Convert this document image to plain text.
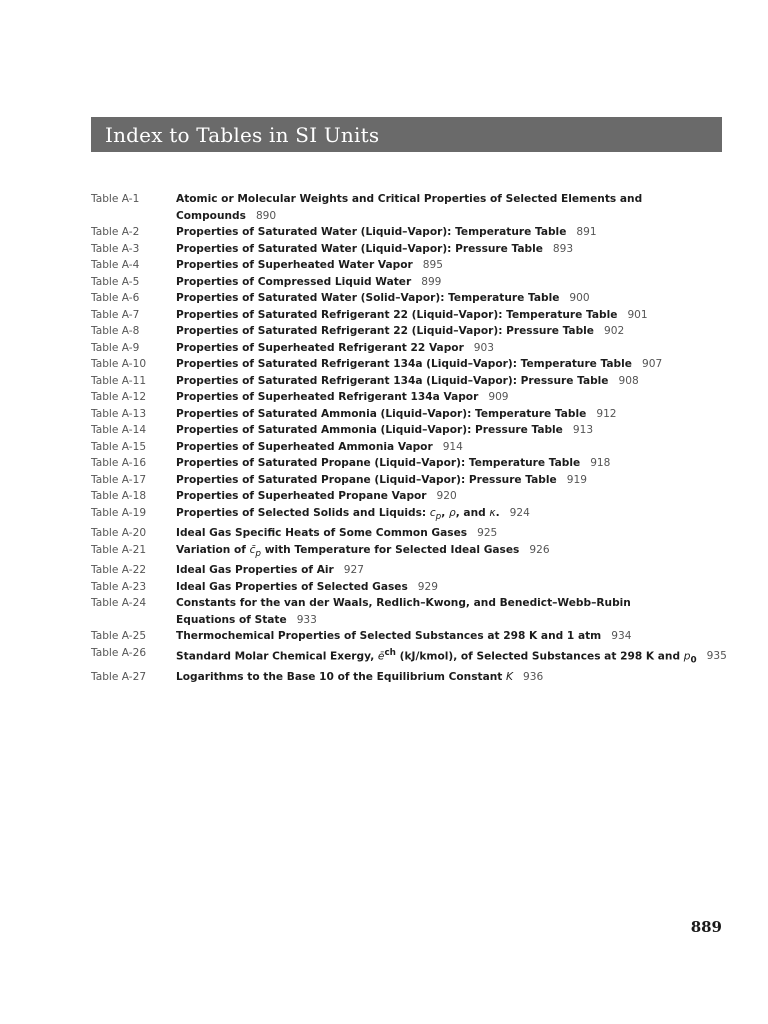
Index to Tables in SI Units
Table A-1	Atomic or Molecular Weights and Critical Properties of Selected Elements and Compounds 890
Table A-2	Properties of Saturated Water (Liquid–Vapor): Temperature Table 891
Table A-3	Properties of Saturated Water (Liquid–Vapor): Pressure Table 893
Table A-4	Properties of Superheated Water Vapor 895
Table A-5	Properties of Compressed Liquid Water 899
Table A-6	Properties of Saturated Water (Solid–Vapor): Temperature Table 900
Table A-7	Properties of Saturated Refrigerant 22 (Liquid–Vapor): Temperature Table 901
Table A-8	Properties of Saturated Refrigerant 22 (Liquid–Vapor): Pressure Table 902
Table A-9	Properties of Superheated Refrigerant 22 Vapor 903
Table A-10	Properties of Saturated Refrigerant 134a (Liquid–Vapor): Temperature Table 907
Table A-11	Properties of Saturated Refrigerant 134a (Liquid–Vapor): Pressure Table 908
Table A-12	Properties of Superheated Refrigerant 134a Vapor 909
Table A-13	Properties of Saturated Ammonia (Liquid–Vapor): Temperature Table 912
Table A-14	Properties of Saturated Ammonia (Liquid–Vapor): Pressure Table 913
Table A-15	Properties of Superheated Ammonia Vapor 914
Table A-16	Properties of Saturated Propane (Liquid–Vapor): Temperature Table 918
Table A-17	Properties of Saturated Propane (Liquid–Vapor): Pressure Table 919
Table A-18	Properties of Superheated Propane Vapor 920
Table A-19	Properties of Selected Solids and Liquids: $c_p$, ρ, and κ. 924
Table A-20	Ideal Gas Specific Heats of Some Common Gases 925
Table A-21	Variation of $c̄_p$ with Temperature for Selected Ideal Gases 926
Table A-22	Ideal Gas Properties of Air 927
Table A-23	Ideal Gas Properties of Selected Gases 929
Table A-24	Constants for the van der Waals, Redlich–Kwong, and Benedict–Webb–Rubin
Equations of State 933
Table A-25	Thermochemical Properties of Selected Substances at 298 K and 1 atm 934
Table A-26	Standard Molar Chemical Exergy, $ē^{ch}$ (kJ/kmol), of Selected Substances at 298 K and $p_0$ 935
Table A-27	Logarithms to the Base 10 of the Equilibrium Constant K 936
889
